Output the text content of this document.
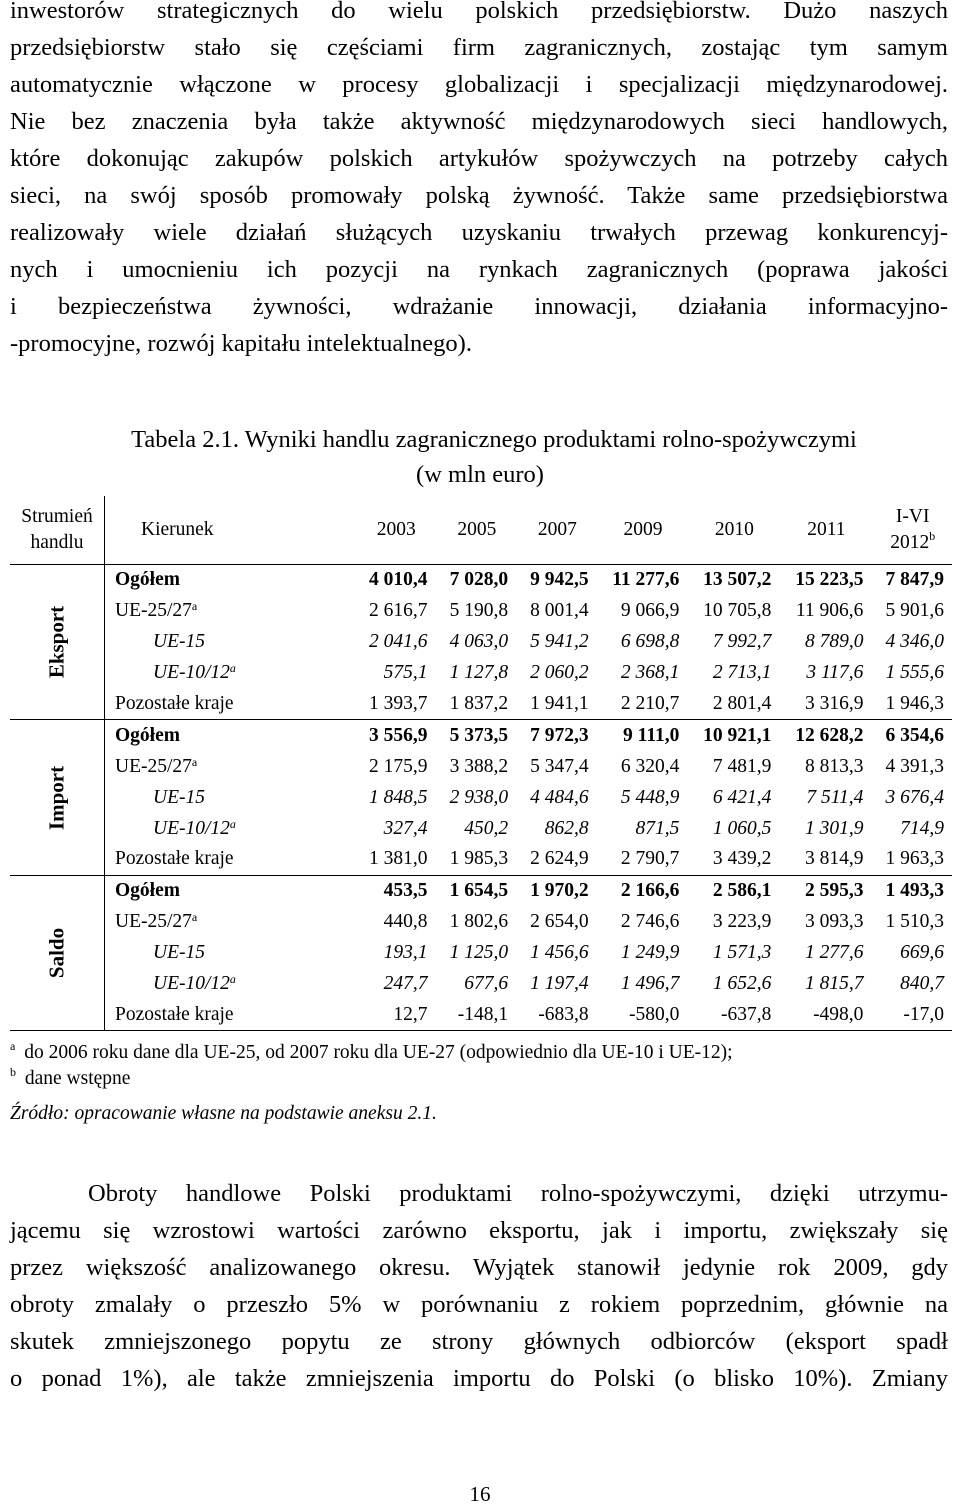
inwestorów strategicznych do wielu polskich przedsiębiorstw. Dużo naszych
przedsiębiorstw stało się częściami firm zagranicznych, zostając tym samym
automatycznie włączone w procesy globalizacji i specjalizacji międzynarodowej.
Nie bez znaczenia była także aktywność międzynarodowych sieci handlowych,
które dokonując zakupów polskich artykułów spożywczych na potrzeby całych
sieci, na swój sposób promowały polską żywność. Także same przedsiębiorstwa
realizowały wiele działań służących uzyskaniu trwałych przewag konkurencyj-
nych i umocnieniu ich pozycji na rynkach zagranicznych (poprawa jakości
i bezpieczeństwa żywności, wdrażanie innowacji, działania informacyjno-
-promocyjne, rozwój kapitału intelektualnego).
Tabela 2.1. Wyniki handlu zagranicznego produktami rolno-spożywczymi
(w mln euro)
Strumień
handlu	Kierunek	2003	2005	2007	2009	2010	2011	I-VI
2012$^b$

Eksport	Ogółem	4 010,4	7 028,0	9 942,5	11 277,6	13 507,2	15 223,5	7 847,9
	UE-25/27$^a$	2 616,7	5 190,8	8 001,4	9 066,9	10 705,8	11 906,6	5 901,6
	UE-15	2 041,6	4 063,0	5 941,2	6 698,8	7 992,7	8 789,0	4 346,0
	UE-10/12$^a$	575,1	1 127,8	2 060,2	2 368,1	2 713,1	3 117,6	1 555,6
	Pozostałe kraje	1 393,7	1 837,2	1 941,1	2 210,7	2 801,4	3 316,9	1 946,3

Import	Ogółem	3 556,9	5 373,5	7 972,3	9 111,0	10 921,1	12 628,2	6 354,6
	UE-25/27$^a$	2 175,9	3 388,2	5 347,4	6 320,4	7 481,9	8 813,3	4 391,3
	UE-15	1 848,5	2 938,0	4 484,6	5 448,9	6 421,4	7 511,4	3 676,4
	UE-10/12$^a$	327,4	450,2	862,8	871,5	1 060,5	1 301,9	714,9
	Pozostałe kraje	1 381,0	1 985,3	2 624,9	2 790,7	3 439,2	3 814,9	1 963,3

Saldo	Ogółem	453,5	1 654,5	1 970,2	2 166,6	2 586,1	2 595,3	1 493,3
	UE-25/27$^a$	440,8	1 802,6	2 654,0	2 746,6	3 223,9	3 093,3	1 510,3
	UE-15	193,1	1 125,0	1 456,6	1 249,9	1 571,3	1 277,6	669,6
	UE-10/12$^a$	247,7	677,6	1 197,4	1 496,7	1 652,6	1 815,7	840,7
	Pozostałe kraje	12,7	-148,1	-683,8	-580,0	-637,8	-498,0	-17,0
$^a$ do 2006 roku dane dla UE-25, od 2007 roku dla UE-27 (odpowiednio dla UE-10 i UE-12);
$^b$ dane wstępne
Źródło: opracowanie własne na podstawie aneksu 2.1.
Obroty handlowe Polski produktami rolno-spożywczymi, dzięki utrzymu-
jącemu się wzrostowi wartości zarówno eksportu, jak i importu, zwiększały się
przez większość analizowanego okresu. Wyjątek stanowił jedynie rok 2009, gdy
obroty zmalały o przeszło 5% w porównaniu z rokiem poprzednim, głównie na
skutek zmniejszonego popytu ze strony głównych odbiorców (eksport spadł
o ponad 1%), ale także zmniejszenia importu do Polski (o blisko 10%). Zmiany
16
